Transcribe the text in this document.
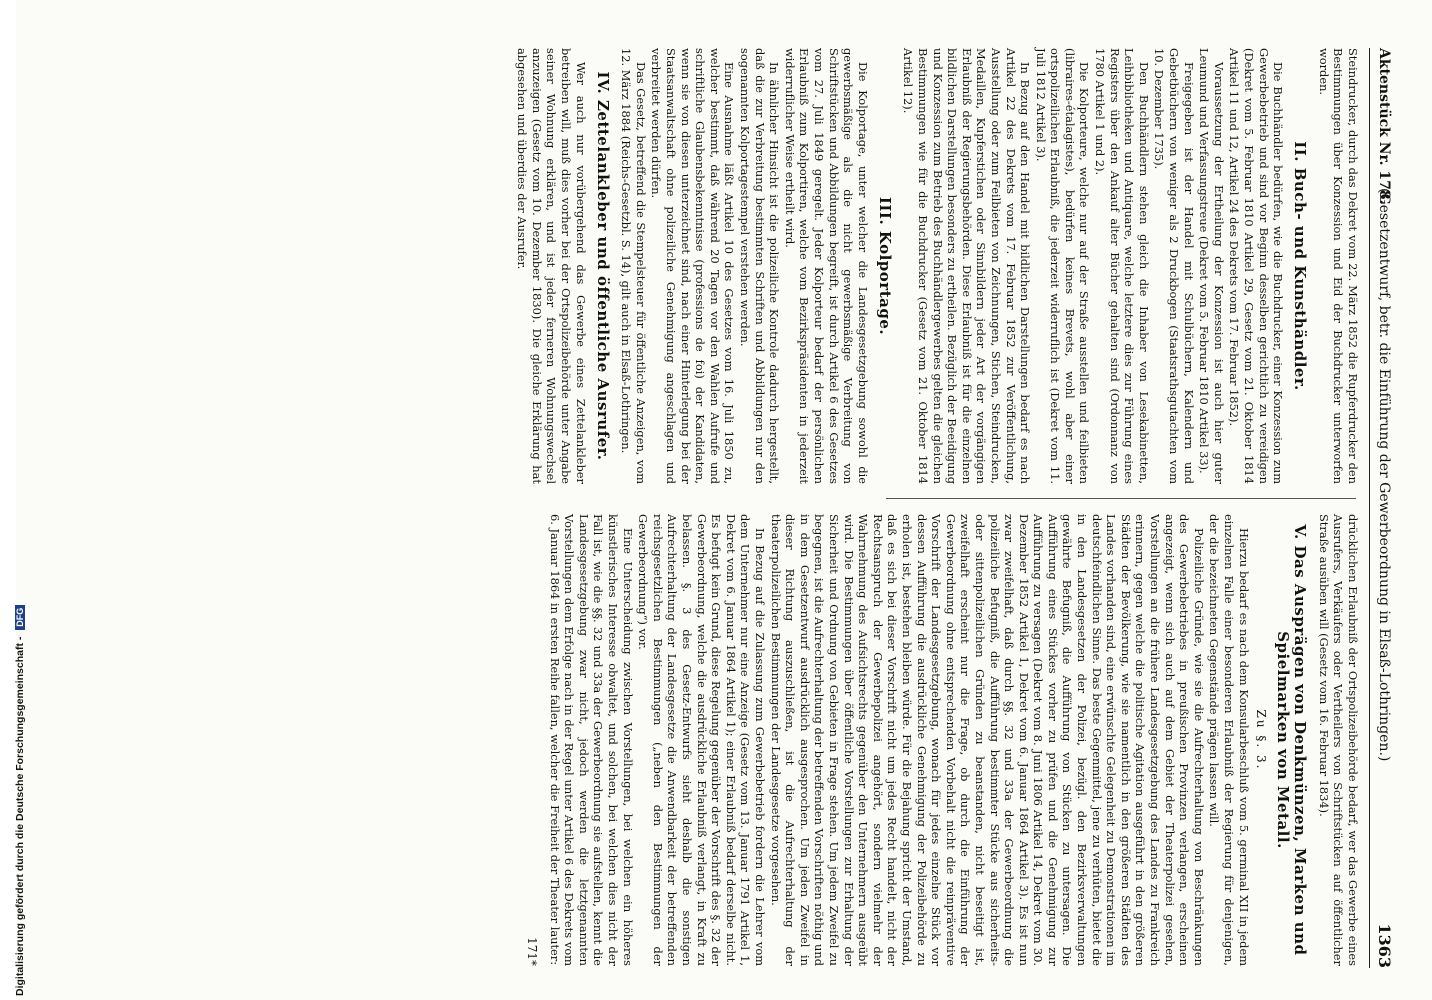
Aktenstück Nr. 178.
(Gesetzentwurf, betr. die Einführung der Gewerbeordnung in Elsaß-Lothringen.)
1363

Steindrucker, durch das Dekret vom 22. März 1852 die Rupferdrucker den Bestimmungen über Konzession und Eid der Buchdrucker unterworfen worden.

II. Buch- und Kunsthändler.

Die Buchhändler bedürfen, wie die Buchdrucker, einer Konzession zum Gewerbebetrieb und sind vor Beginn desselben gerichtlich zu vereidigen (Dekret vom 5. Februar 1810 Artikel 29, Gesetz vom 21. Oktober 1814 Artikel 11 und 12, Artikel 24 des Dekrets vom 17. Februar 1852).

Voraussetzung der Ertheilung der Konzession ist auch hier guter Leumund und Verfassungstreue (Dekret vom 5. Februar 1810 Artikel 33).

Freigegeben ist der Handel mit Schulbüchern, Kalendern und Gebetbüchern von weniger als 2 Druckbogen (Staatsrathsgutachten vom 10. Dezember 1735).

Den Buchhändlern stehen gleich die Inhaber von Lesekabinetten, Leihbibliotheken und Antiquare, welche letztere dies zur Führung eines Registers über den Ankauf alter Bücher gehalten sind (Ordonnanz von 1780 Artikel 1 und 2).

Die Kolporteure, welche nur auf der Straße ausstellen und feilbieten (libraires-étalagistes), bedürfen keines Brevets, wohl aber einer ortspolizeilichen Erlaubniß, die jederzeit widerruflich ist (Dekret vom 11. Juli 1812 Artikel 3).

In Bezug auf den Handel mit bildlichen Darstellungen bedarf es nach Artikel 22 des Dekrets vom 17. Februar 1852 zur Veröffentlichung, Ausstellung oder zum Feilbieten von Zeichnungen, Stichen, Steindrucken, Medaillen, Kupferstichen oder Sinnbildern jeder Art der vorgängigen Erlaubniß der Regierungsbehörden. Diese Erlaubniß ist für die einzelnen bildlichen Darstellungen besonders zu ertheilen. Bezüglich der Beeidigung und Konzession zum Betrieb des Buchhändlergewerbes gelten die gleichen Bestimmungen wie für die Buchdrucker (Gesetz vom 21. Oktober 1814 Artikel 12).

III. Kolportage.

Die Kolportage, unter welcher die Landesgesetzgebung sowohl die gewerbsmäßige als die nicht gewerbsmäßige Verbreitung von Schriftstücken und Abbildungen begreift, ist durch Artikel 6 des Gesetzes vom 27. Juli 1849 geregelt. Jeder Kolporteur bedarf der persönlichen Erlaubniß zum Kolportiren, welche vom Bezirkspräsidenten in jederzeit widerruflicher Weise ertheilt wird.

In ähnlicher Hinsicht ist die polizeiliche Kontrole dadurch hergestellt, daß die zur Verbreitung bestimmten Schriften und Abbildungen nur den sogenannten Kolportagestempel verstehen werden.

Eine Ausnahme läßt Artikel 10 des Gesetzes vom 16. Juli 1850 zu, welcher bestimmt, daß während 20 Tagen vor den Wahlen Aufrufe und schriftliche Glaubensbekenntnisse (professions de foi) der Kandidaten, wenn sie von diesen unterzeichnet sind, nach einer Hinterlegung bei der Staatsanwaltschaft ohne polizeiliche Genehmigung angeschlagen und verbreitet werden dürfen.

Das Gesetz, betreffend die Stempelsteuer für öffentliche Anzeigen, vom 12. März 1884 (Reichs-Gesetzbl. S. 14), gilt auch in Elsaß-Lothringen.

IV. Zettelankleber und öffentliche Ausrufer.

Wer auch nur vorübergehend das Gewerbe eines Zettelankleber betreiben will, muß dies vorher bei der Ortspolizeibehörde unter Angabe seiner Wohnung erklären, und ist jeder ferneren Wohnungswechsel anzuzeigen (Gesetz vom 10. Dezember 1830). Die gleiche Erklärung hat abgesehen und überdies der Ausrufer.

drücklichen Erlaubniß der Ortspolizeibehörde bedarf, wer das Gewerbe eines Ausrufers, Verkäufers oder Vertheilers von Schriftstücken auf öffentlicher Straße ausüben will (Gesetz vom 16. Februar 1834).

V. Das Ausprägen von Denkmünzen, Marken und Spielmarken von Metall.
Zu §. 3.

Hierzu bedarf es nach dem Konsularbeschluß vom 5. germinal XII in jedem einzelnen Falle einer besonderen Erlaubniß der Regierung für denjenigen, der die bezeichneten Gegenstände prägen lassen will.

Polizeiliche Gründe, wie sie die Aufrechterhaltung von Beschränkungen des Gewerbebetriebes in preußischen Provinzen verlangen, erscheinen angezeigt, wenn sich auch auf dem Gebiet der Theaterpolizei gesehen, Vorstellungen an die frühere Landesgesetzgebung des Landes zu Frankreich erinnern, gegen welche die politische Agitation ausgeführt in den größeren Städten der Bevölkerung, wie sie namentlich in den größeren Städten des Landes vorhanden sind, eine erwünschte Gelegenheit zu Demonstrationen im deutschfeindlichen Sinne. Das beste Gegenmittel, jene zu verhüten, bietet die in den Landesgesetzen der Polizei, bezügl. den Bezirksverwaltungen gewährte Befugniß, die Aufführung von Stücken zu untersagen. Die Aufführung eines Stückes vorher zu prüfen und die Genehmigung zur Aufführung zu versagen (Dekret vom 8. Juni 1806 Artikel 14, Dekret vom 30. Dezember 1852 Artikel 1, Dekret vom 6. Januar 1864 Artikel 3). Es ist nun zwar zweifelhaft, daß durch §§. 32 und 33a der Gewerbeordnung die polizeiliche Befugniß, die Aufführung bestimmter Stücke aus sicherheits- oder sittenpolizeilichen Gründen zu beanstanden, nicht beseitigt ist, zweifelhaft erscheint nur die Frage, ob durch die Einführung der Gewerbeordnung ohne entsprechenden Vorbehalt nicht die reinpräventive Vorschrift der Landesgesetzgebung, wonach für jedes einzelne Stück vor dessen Aufführung die ausdrückliche Genehmigung der Polizeibehörde zu erholen ist, bestehen bleiben würde. Für die Bejahung spricht der Umstand, daß es sich bei dieser Vorschrift nicht um jedes Recht handelt, nicht der Rechtsanspruch der Gewerbepolizei angehört, sondern vielmehr der Wahrnehmung des Aufsichtsrechts gegenüber den Unternehmern ausgeübt wird. Die Bestimmungen über öffentliche Vorstellungen zur Erhaltung der Sicherheit und Ordnung von Gebieten in Frage stehen. Um jedem Zweifel zu begegnen, ist die Aufrechterhaltung der betreffenden Vorschriften nöthig und in dem Gesetzentwurf ausdrücklich ausgesprochen. Um jeden Zweifel in dieser Richtung auszuschließen, ist die Aufrechterhaltung der theaterpolizeilichen Bestimmungen der Landesgesetze vorgesehen.

In Bezug auf die Zulassung zum Gewerbebetrieb fordern die Lehrer vom dem Unternehmer nur eine Anzeige (Gesetz vom 13. Januar 1791 Artikel 1, Dekret vom 6. Januar 1864 Artikel 1); einer Erlaubniß bedarf derselbe nicht. Es befugt kein Grund, diese Regelung gegenüber der Vorschrift des §. 32 der Gewerbeordnung, welche die ausdrückliche Erlaubniß verlangt, in Kraft zu belassen. §. 3 des Gesetz-Entwurfs sieht deshalb die sonstigen Aufrechterhaltung der Landesgesetze die Anwendbarkeit der betreffenden reichsgesetzlichen Bestimmungen („neben den Bestimmungen der Gewerbeordnung“) vor.

Eine Unterscheidung zwischen Vorstellungen, bei welchen ein höheres künstlerisches Interesse obwaltet, und solchen, bei welchen dies nicht der Fall ist, wie die §§. 32 und 33a der Gewerbeordnung sie aufstellen, kennt die Landesgesetzgebung zwar nicht, jedoch werden die letztgenannten Vorstellungen dem Erfolge nach in der Regel unter Artikel 6 des Dekrets vom 6. Januar 1864 in ersten Reihe fallen, welcher die Freiheit der Theater lauter:

171*
Digitalisierung gefördert durch die Deutsche Forschungsgemeinschaft - DFG
